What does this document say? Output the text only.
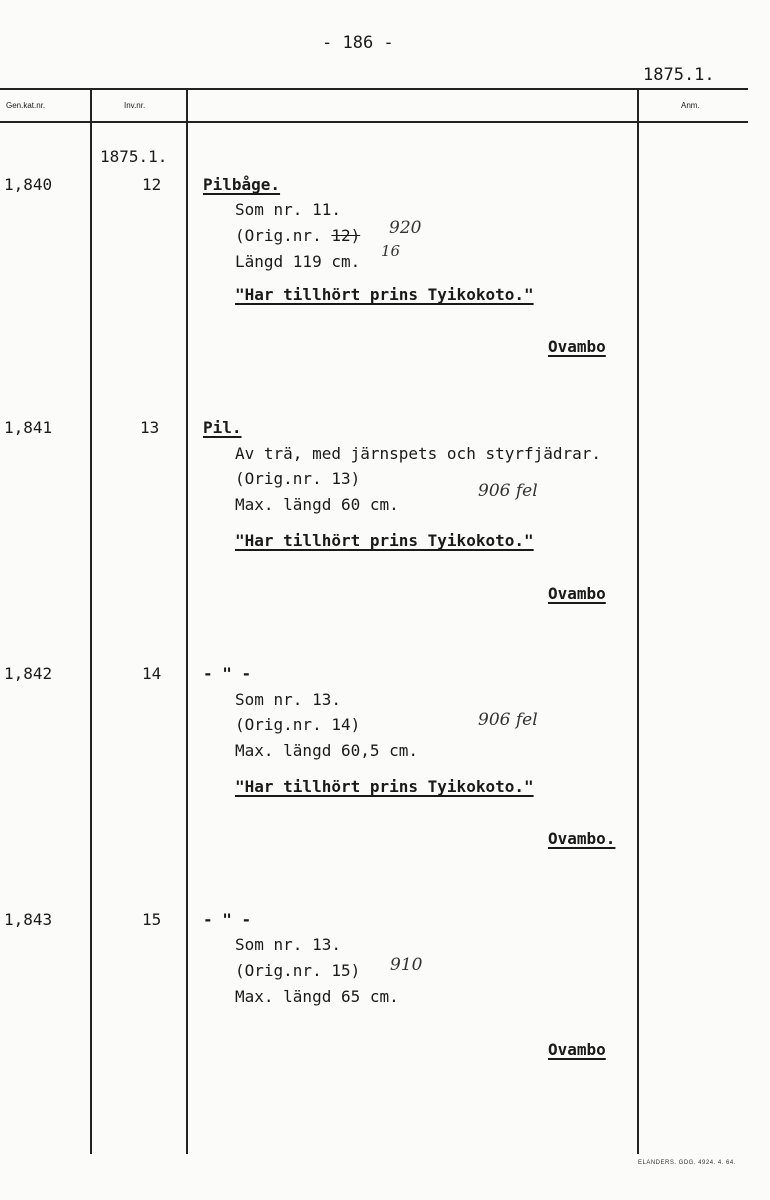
- 186 -
1875.1.
Gen.kat.nr.	Inv.nr.	Anm.
1875.1.
1,840	12	Pilbåge.
Som nr. 11.
(Orig.nr. 12) 920
16
Längd 119 cm.
"Har tillhört prins Tyikokoto."
Ovambo
1,841	13	Pil.
Av trä, med järnspets och styrfjädrar.
(Orig.nr. 13)
906 fel
Max. längd 60 cm.
"Har tillhört prins Tyikokoto."
Ovambo
1,842	14	- " -
Som nr. 13.
(Orig.nr. 14)	906 fel
Max. längd 60,5 cm.
"Har tillhört prins Tyikokoto."
Ovambo.
1,843	15	- " -
Som nr. 13.
(Orig.nr. 15) 910
Max. längd 65 cm.
Ovambo
ELANDERS. GDG. 4924. 4. 64.
